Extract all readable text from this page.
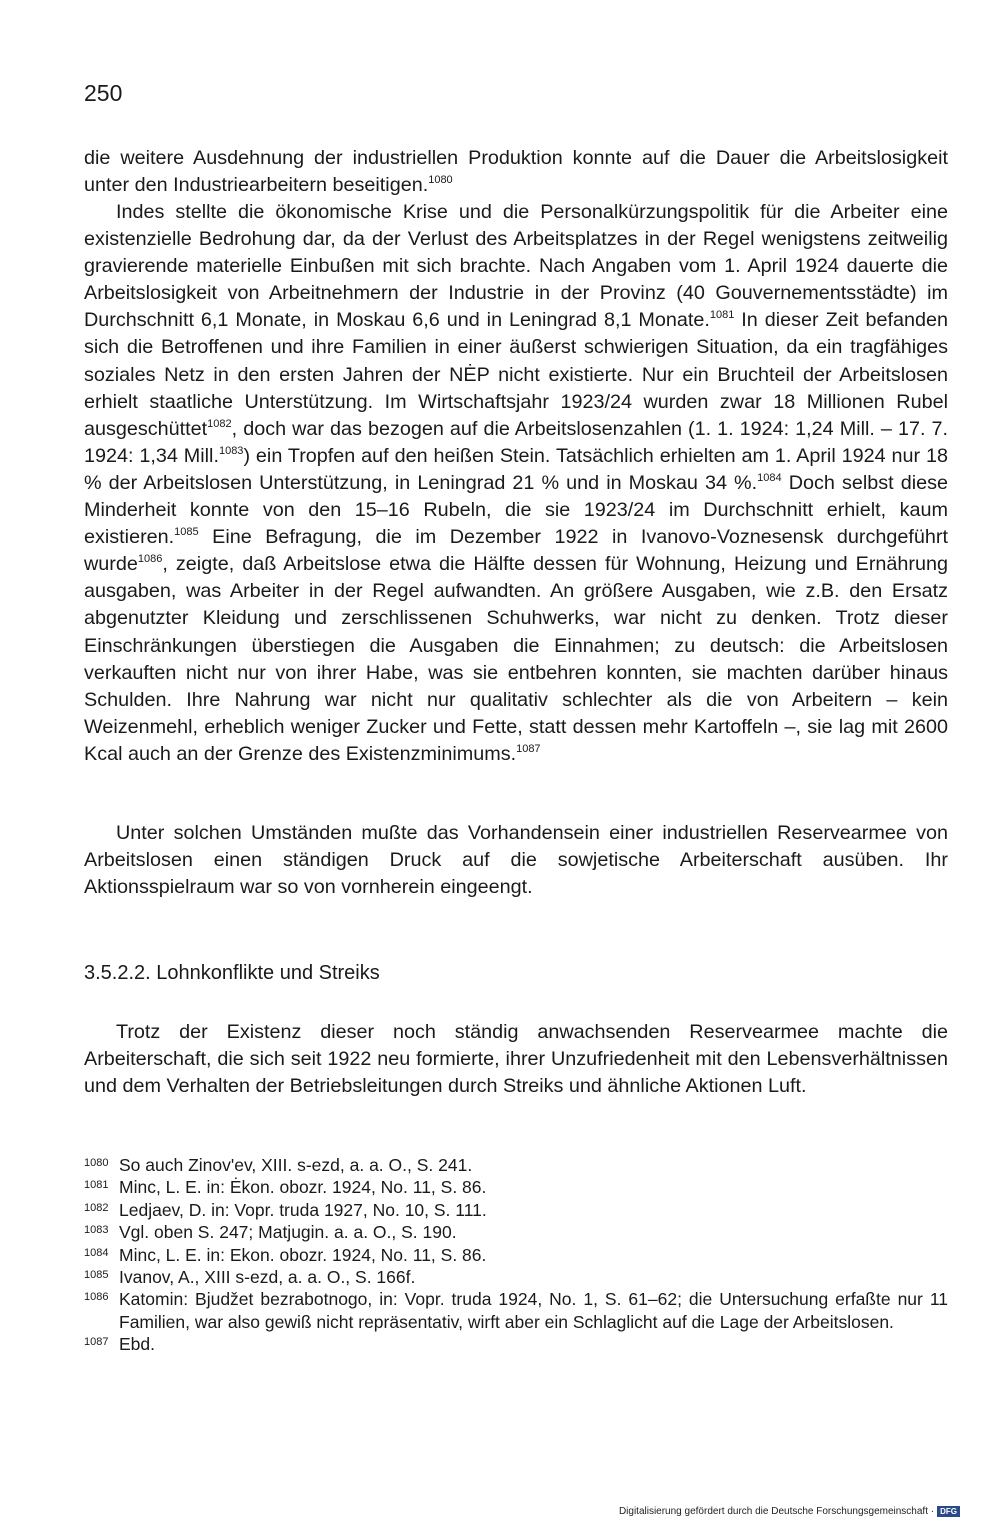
250

die weitere Ausdehnung der industriellen Produktion konnte auf die Dauer die Arbeitslosigkeit unter den Industriearbeitern beseitigen.$^{1080}$

Indes stellte die ökonomische Krise und die Personalkürzungspolitik für die Arbeiter eine existenzielle Bedrohung dar, da der Verlust des Arbeitsplatzes in der Regel wenigstens zeitweilig gravierende materielle Einbußen mit sich brachte. Nach Angaben vom 1. April 1924 dauerte die Arbeitslosigkeit von Arbeitnehmern der Industrie in der Provinz (40 Gouvernementsstädte) im Durchschnitt 6,1 Monate, in Moskau 6,6 und in Leningrad 8,1 Monate.$^{1081}$ In dieser Zeit befanden sich die Betroffenen und ihre Familien in einer äußerst schwierigen Situation, da ein tragfähiges soziales Netz in den ersten Jahren der NĖP nicht existierte. Nur ein Bruchteil der Arbeitslosen erhielt staatliche Unterstützung. Im Wirtschaftsjahr 1923/24 wurden zwar 18 Millionen Rubel ausgeschüttet$^{1082}$, doch war das bezogen auf die Arbeitslosenzahlen (1. 1. 1924: 1,24 Mill. – 17. 7. 1924: 1,34 Mill.$^{1083}$) ein Tropfen auf den heißen Stein. Tatsächlich erhielten am 1. April 1924 nur 18 % der Arbeitslosen Unterstützung, in Leningrad 21 % und in Moskau 34 %.$^{1084}$ Doch selbst diese Minderheit konnte von den 15–16 Rubeln, die sie 1923/24 im Durchschnitt erhielt, kaum existieren.$^{1085}$ Eine Befragung, die im Dezember 1922 in Ivanovo-Voznesensk durchgeführt wurde$^{1086}$, zeigte, daß Arbeitslose etwa die Hälfte dessen für Wohnung, Heizung und Ernährung ausgaben, was Arbeiter in der Regel aufwandten. An größere Ausgaben, wie z.B. den Ersatz abgenutzter Kleidung und zerschlissenen Schuhwerks, war nicht zu denken. Trotz dieser Einschränkungen überstiegen die Ausgaben die Einnahmen; zu deutsch: die Arbeitslosen verkauften nicht nur von ihrer Habe, was sie entbehren konnten, sie machten darüber hinaus Schulden. Ihre Nahrung war nicht nur qualitativ schlechter als die von Arbeitern – kein Weizenmehl, erheblich weniger Zucker und Fette, statt dessen mehr Kartoffeln –, sie lag mit 2600 Kcal auch an der Grenze des Existenzminimums.$^{1087}$

Unter solchen Umständen mußte das Vorhandensein einer industriellen Reservearmee von Arbeitslosen einen ständigen Druck auf die sowjetische Arbeiterschaft ausüben. Ihr Aktionsspielraum war so von vornherein eingeengt.

3.5.2.2. Lohnkonflikte und Streiks

Trotz der Existenz dieser noch ständig anwachsenden Reservearmee machte die Arbeiterschaft, die sich seit 1922 neu formierte, ihrer Unzufriedenheit mit den Lebensverhältnissen und dem Verhalten der Betriebsleitungen durch Streiks und ähnliche Aktionen Luft.

1080 So auch Zinov'ev, XIII. s-ezd, a. a. O., S. 241.
1081 Minc, L. E. in: Ėkon. obozr. 1924, No. 11, S. 86.
1082 Ledjaev, D. in: Vopr. truda 1927, No. 10, S. 111.
1083 Vgl. oben S. 247; Matjugin. a. a. O., S. 190.
1084 Minc, L. E. in: Ekon. obozr. 1924, No. 11, S. 86.
1085 Ivanov, A., XIII s-ezd, a. a. O., S. 166f.
1086 Katomin: Bjudžet bezrabotnogo, in: Vopr. truda 1924, No. 1, S. 61–62; die Untersuchung erfaßte nur 11 Familien, war also gewiß nicht repräsentativ, wirft aber ein Schlaglicht auf die Lage der Arbeitslosen.
1087 Ebd.
Digitalisierung gefördert durch die Deutsche Forschungsgemeinschaft · DFG
